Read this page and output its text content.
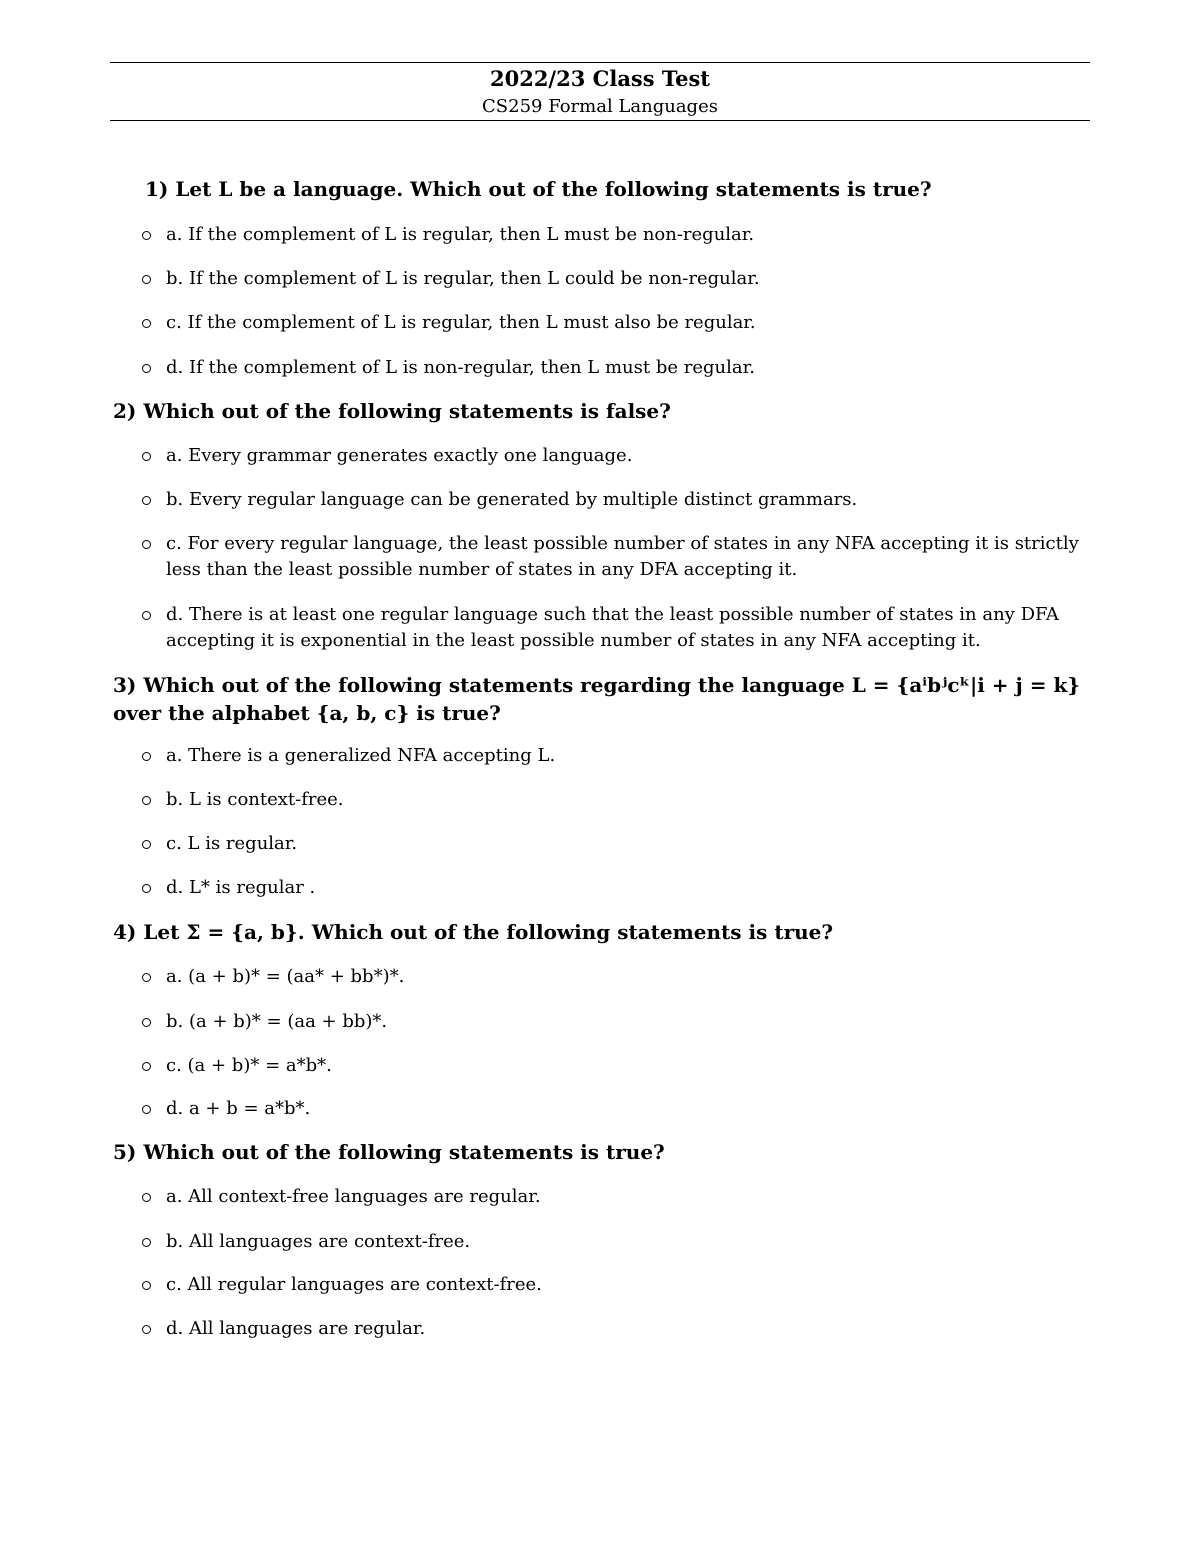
2022/23 Class Test
CS259 Formal Languages
1) Let L be a language. Which out of the following statements is true?
a. If the complement of L is regular, then L must be non-regular.
b. If the complement of L is regular, then L could be non-regular.
c. If the complement of L is regular, then L must also be regular.
d. If the complement of L is non-regular, then L must be regular.
2) Which out of the following statements is false?
a. Every grammar generates exactly one language.
b. Every regular language can be generated by multiple distinct grammars.
c. For every regular language, the least possible number of states in any NFA accepting it is strictly less than the least possible number of states in any DFA accepting it.
d. There is at least one regular language such that the least possible number of states in any DFA accepting it is exponential in the least possible number of states in any NFA accepting it.
3) Which out of the following statements regarding the language L = {aⁱbʲcᵏ|i + j = k} over the alphabet {a, b, c} is true?
a. There is a generalized NFA accepting L.
b. L is context-free.
c. L is regular.
d. L* is regular .
4) Let Σ = {a, b}. Which out of the following statements is true?
a. (a + b)* = (aa* + bb*)*.
b. (a + b)* = (aa + bb)*.
c. (a + b)* = a*b*.
d. a + b = a*b*.
5) Which out of the following statements is true?
a. All context-free languages are regular.
b. All languages are context-free.
c. All regular languages are context-free.
d. All languages are regular.
